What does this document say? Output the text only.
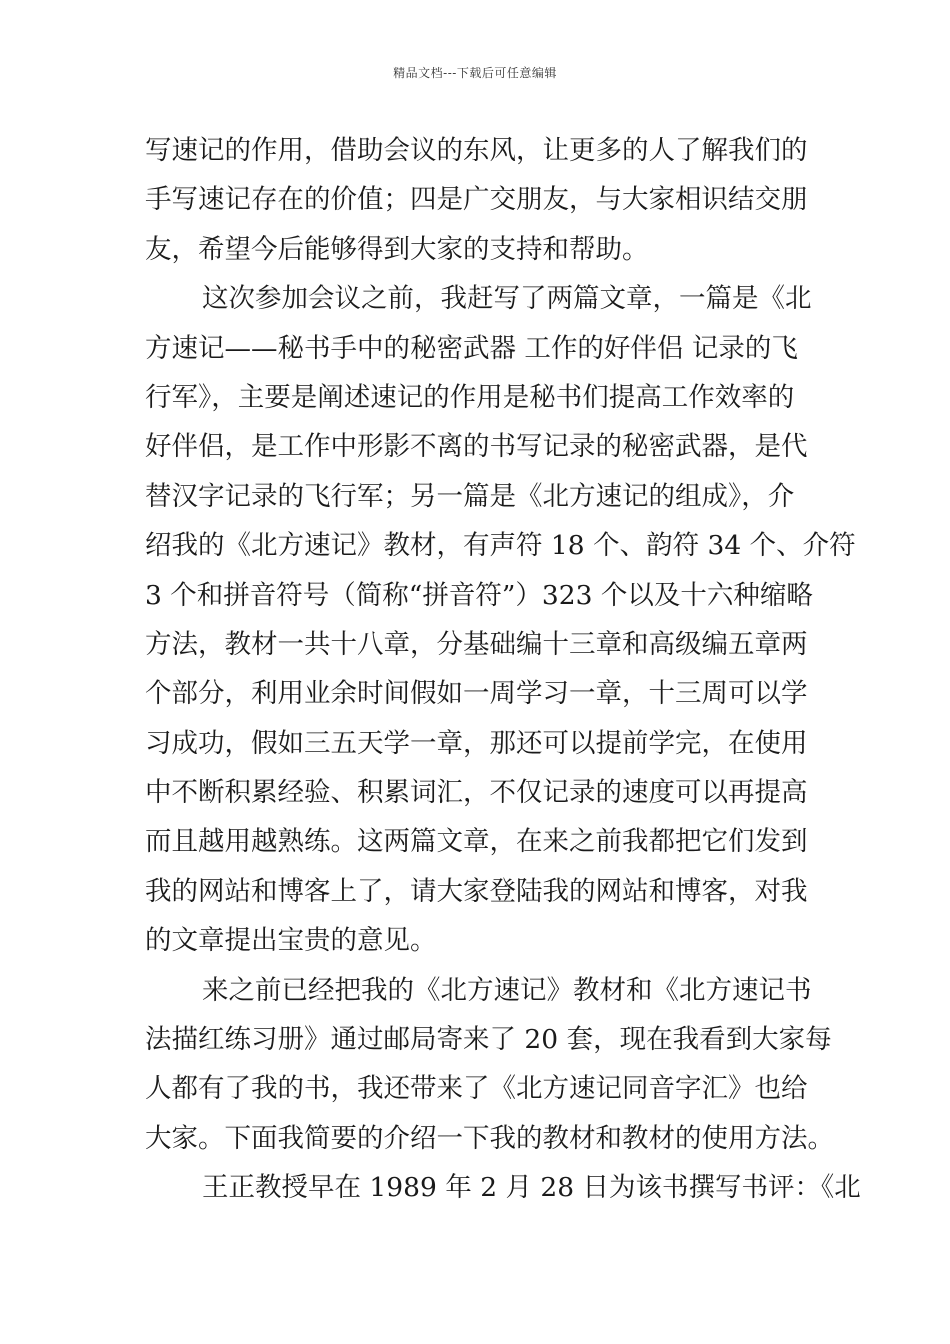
精品文档---下载后可任意编辑
写速记的作用，借助会议的东风，让更多的人了解我们的
手写速记存在的价值；四是广交朋友，与大家相识结交朋
友，希望今后能够得到大家的支持和帮助。
这次参加会议之前，我赶写了两篇文章，一篇是《北
方速记——秘书手中的秘密武器 工作的好伴侣 记录的飞
行军》，主要是阐述速记的作用是秘书们提高工作效率的
好伴侣，是工作中形影不离的书写记录的秘密武器，是代
替汉字记录的飞行军；另一篇是《北方速记的组成》，介
绍我的《北方速记》教材，有声符 18 个、韵符 34 个、介符
3 个和拼音符号（简称“拼音符”）323 个以及十六种缩略
方法，教材一共十八章，分基础编十三章和高级编五章两
个部分，利用业余时间假如一周学习一章，十三周可以学
习成功，假如三五天学一章，那还可以提前学完，在使用
中不断积累经验、积累词汇，不仅记录的速度可以再提高
而且越用越熟练。这两篇文章，在来之前我都把它们发到
我的网站和博客上了，请大家登陆我的网站和博客，对我
的文章提出宝贵的意见。
来之前已经把我的《北方速记》教材和《北方速记书
法描红练习册》通过邮局寄来了 20 套，现在我看到大家每
人都有了我的书，我还带来了《北方速记同音字汇》也给
大家。下面我简要的介绍一下我的教材和教材的使用方法。
王正教授早在 1989 年 2 月 28 日为该书撰写书评：《北
